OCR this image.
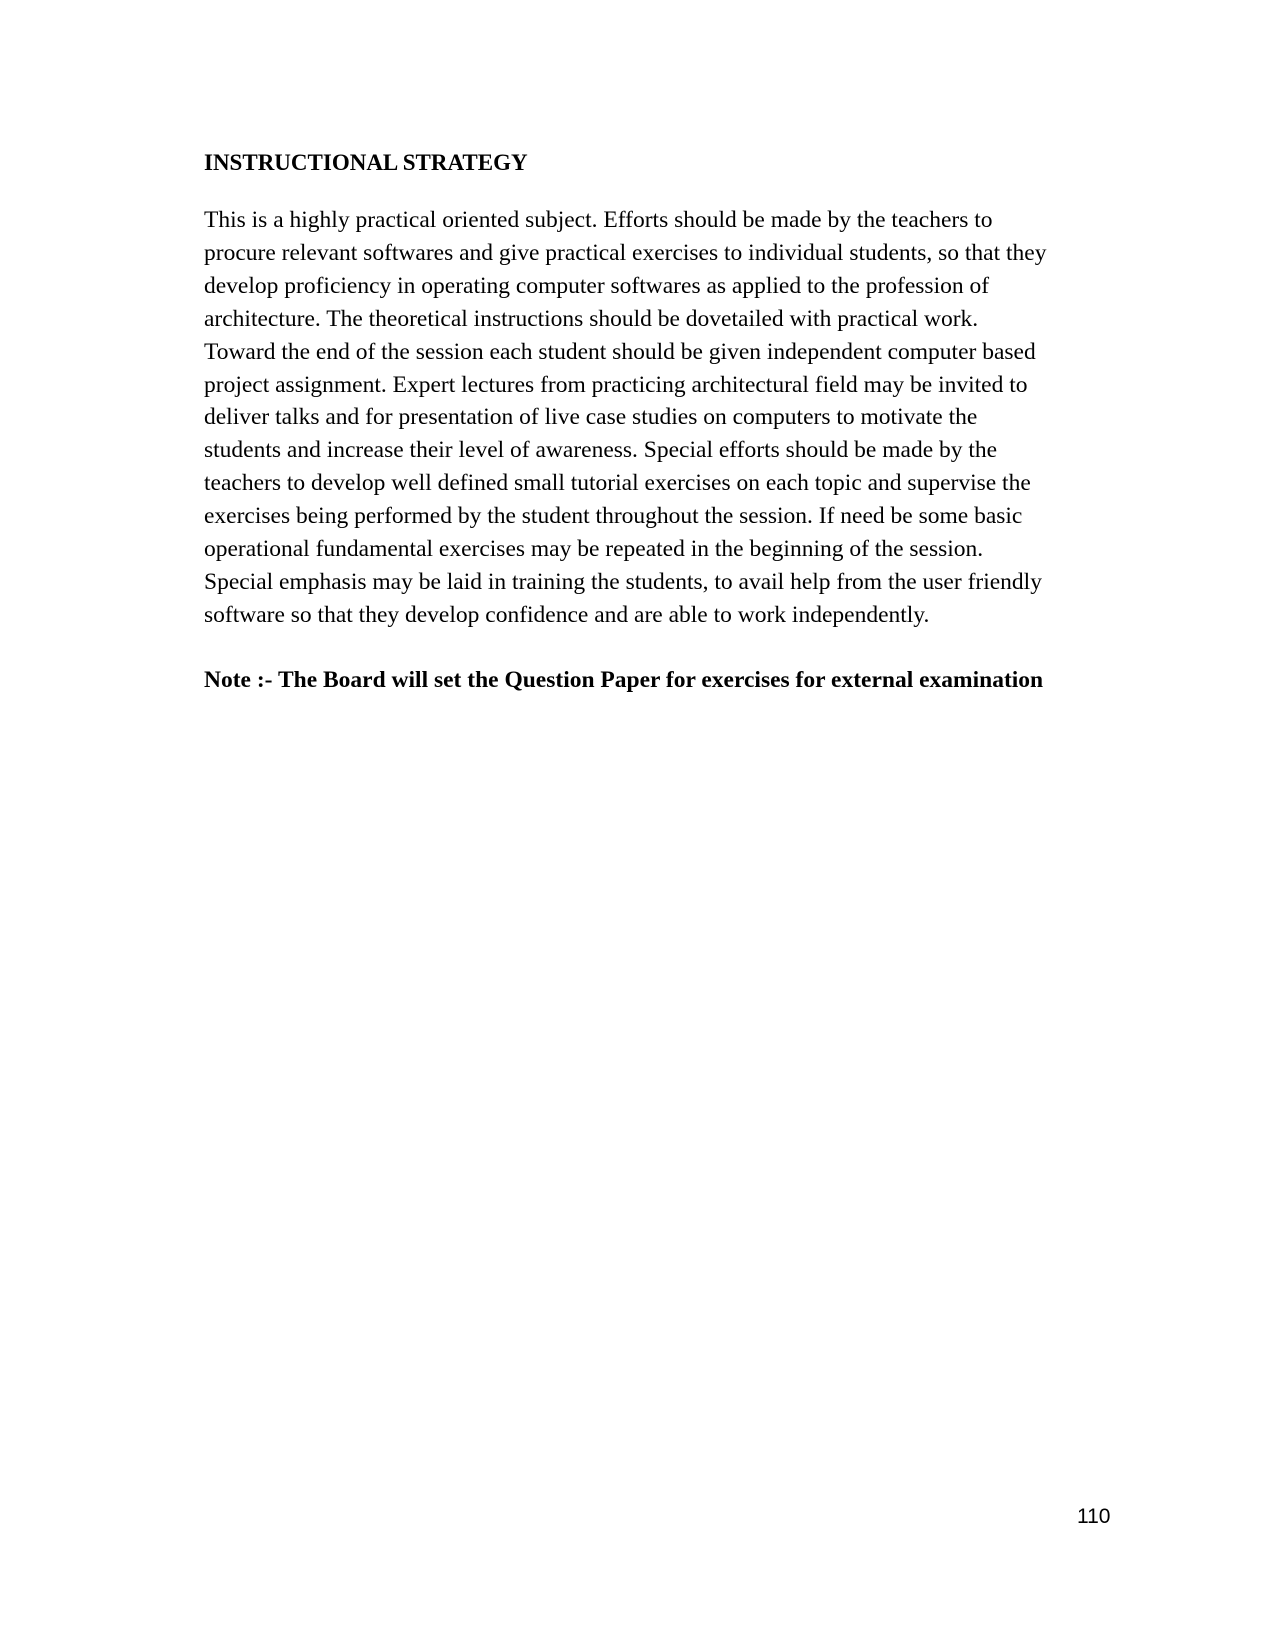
INSTRUCTIONAL STRATEGY
This is a highly practical oriented subject. Efforts should be made by the teachers to
procure relevant softwares and give practical exercises to individual students, so that they
develop proficiency in operating computer softwares as applied to the profession of
architecture. The theoretical instructions should be dovetailed with practical work.
Toward the end of the session each student should be given independent computer based
project assignment. Expert lectures from practicing architectural field may be invited to
deliver talks and for presentation of live case studies on computers to motivate the
students and increase their level of awareness. Special efforts should be made by the
teachers to develop well defined small tutorial exercises on each topic and supervise the
exercises being performed by the student throughout the session. If need be some basic
operational fundamental exercises may be repeated in the beginning of the session.
Special emphasis may be laid in training the students, to avail help from the user friendly
software so that they develop confidence and are able to work independently.

Note :- The Board will set the Question Paper for exercises for external examination

110
